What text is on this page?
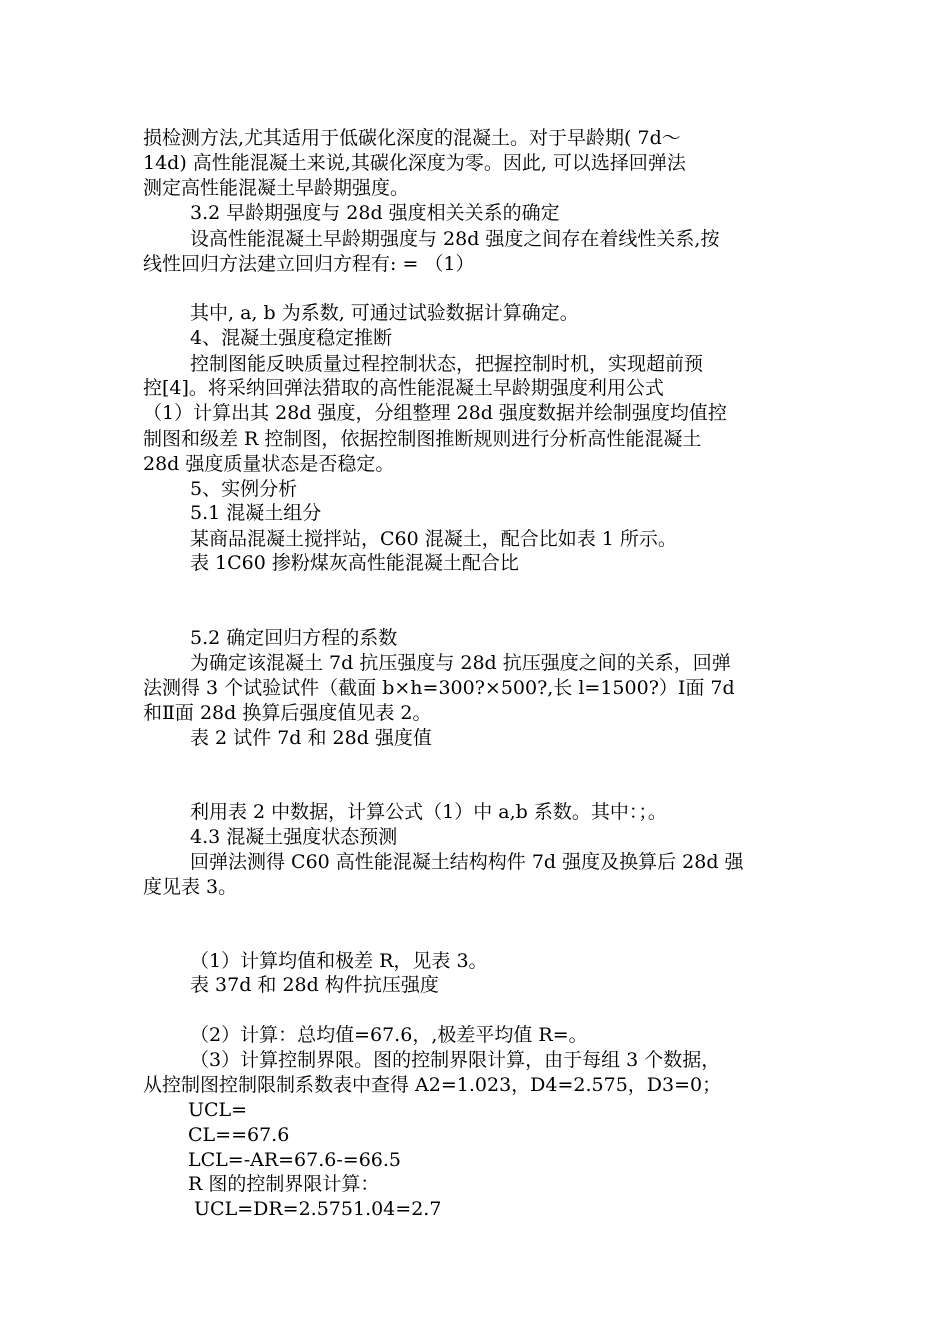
损检测方法,尤其适用于低碳化深度的混凝土。对于早龄期( 7d～
14d) 高性能混凝土来说,其碳化深度为零。因此, 可以选择回弹法
测定高性能混凝土早龄期强度。
3.2 早龄期强度与 28d 强度相关关系的确定
设高性能混凝土早龄期强度与 28d 强度之间存在着线性关系,按
线性回归方法建立回归方程有: = （1）
其中, a, b 为系数, 可通过试验数据计算确定。
4、混凝土强度稳定推断
控制图能反映质量过程控制状态，把握控制时机，实现超前预
控[4]。将采纳回弹法猎取的高性能混凝土早龄期强度利用公式
（1）计算出其 28d 强度，分组整理 28d 强度数据并绘制强度均值控
制图和级差 R 控制图，依据控制图推断规则进行分析高性能混凝土
28d 强度质量状态是否稳定。
5、实例分析
5.1 混凝土组分
某商品混凝土搅拌站，C60 混凝土，配合比如表 1 所示。
表 1C60 掺粉煤灰高性能混凝土配合比
5.2 确定回归方程的系数
为确定该混凝土 7d 抗压强度与 28d 抗压强度之间的关系，回弹
法测得 3 个试验试件（截面 b×h=300?×500?,长 l=1500?）Ⅰ面 7d
和Ⅱ面 28d 换算后强度值见表 2。
表 2 试件 7d 和 28d 强度值
利用表 2 中数据，计算公式（1）中 a,b 系数。其中：；。
4.3 混凝土强度状态预测
回弹法测得 C60 高性能混凝土结构构件 7d 强度及换算后 28d 强
度见表 3。
（1）计算均值和极差 R，见表 3。
表 37d 和 28d 构件抗压强度
（2）计算：总均值=67.6，,极差平均值 R=。
（3）计算控制界限。图的控制界限计算，由于每组 3 个数据，
从控制图控制限制系数表中查得 A2=1.023，D4=2.575，D3=0；
UCL=
CL==67.6
LCL=-AR=67.6-=66.5
R 图的控制界限计算：
UCL=DR=2.5751.04=2.7
